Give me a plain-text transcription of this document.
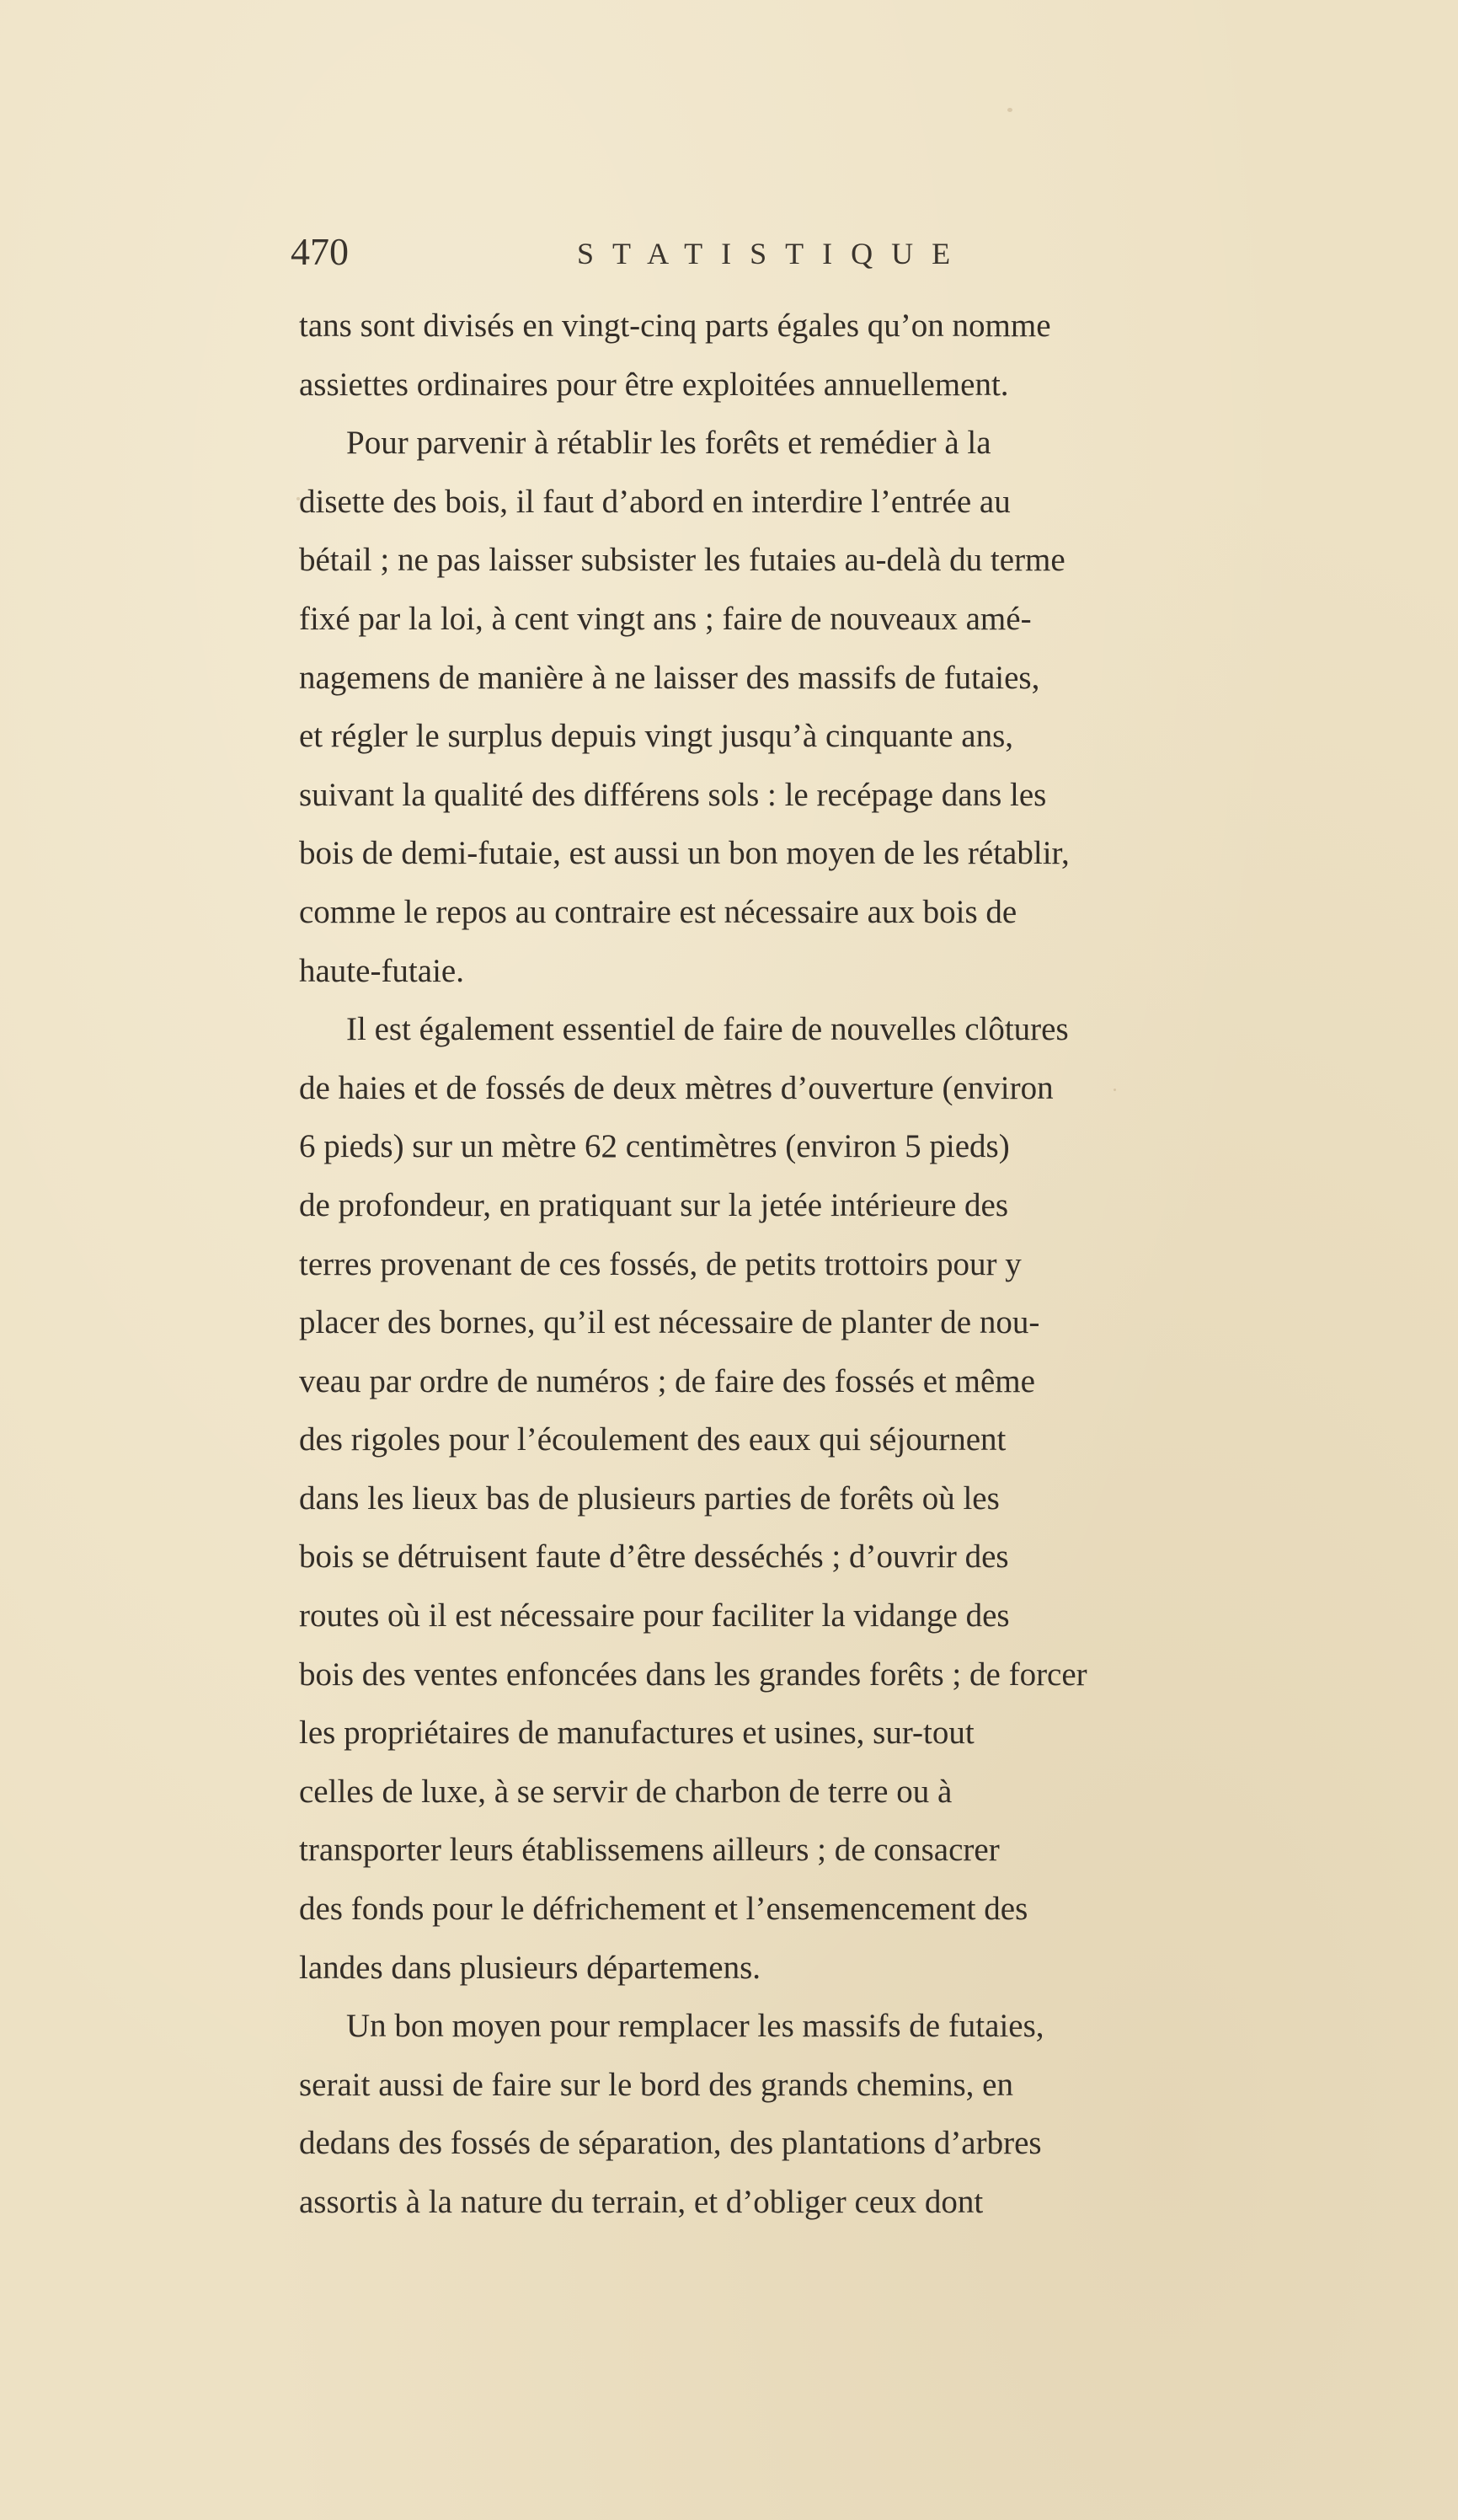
470	STATISTIQUE

tans sont divisés en vingt-cinq parts égales qu’on nomme
assiettes ordinaires pour être exploitées annuellement.

Pour parvenir à rétablir les forêts et remédier à la
disette des bois, il faut d’abord en interdire l’entrée au
bétail ; ne pas laisser subsister les futaies au-delà du terme
fixé par la loi, à cent vingt ans ; faire de nouveaux amé-
nagemens de manière à ne laisser des massifs de futaies,
et régler le surplus depuis vingt jusqu’à cinquante ans,
suivant la qualité des différens sols : le recépage dans les
bois de demi-futaie, est aussi un bon moyen de les rétablir,
comme le repos au contraire est nécessaire aux bois de
haute-futaie.

Il est également essentiel de faire de nouvelles clôtures
de haies et de fossés de deux mètres d’ouverture (environ
6 pieds) sur un mètre 62 centimètres (environ 5 pieds)
de profondeur, en pratiquant sur la jetée intérieure des
terres provenant de ces fossés, de petits trottoirs pour y
placer des bornes, qu’il est nécessaire de planter de nou-
veau par ordre de numéros ; de faire des fossés et même
des rigoles pour l’écoulement des eaux qui séjournent
dans les lieux bas de plusieurs parties de forêts où les
bois se détruisent faute d’être desséchés ; d’ouvrir des
routes où il est nécessaire pour faciliter la vidange des
bois des ventes enfoncées dans les grandes forêts ; de forcer
les propriétaires de manufactures et usines, sur-tout
celles de luxe, à se servir de charbon de terre ou à
transporter leurs établissemens ailleurs ; de consacrer
des fonds pour le défrichement et l’ensemencement des
landes dans plusieurs départemens.

Un bon moyen pour remplacer les massifs de futaies,
serait aussi de faire sur le bord des grands chemins, en
dedans des fossés de séparation, des plantations d’arbres
assortis à la nature du terrain, et d’obliger ceux dont
